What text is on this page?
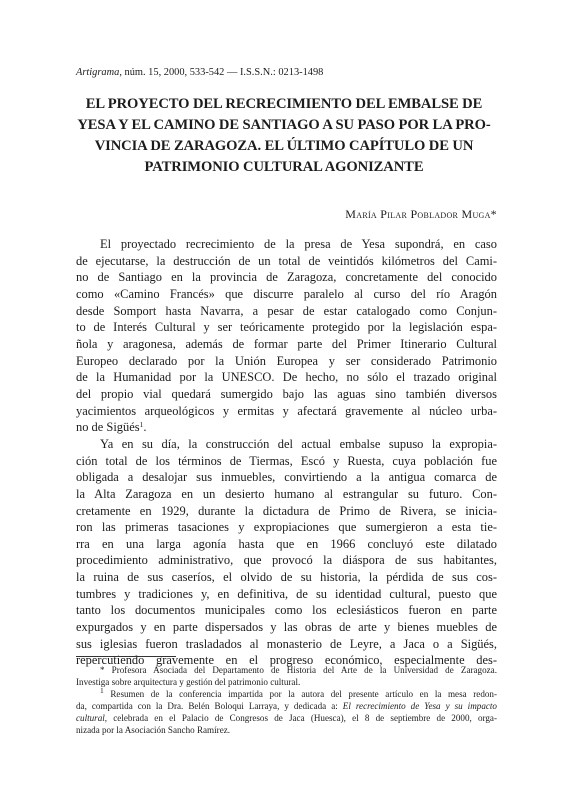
Artigrama, núm. 15, 2000, 533-542 — I.S.S.N.: 0213-1498
EL PROYECTO DEL RECRECIMIENTO DEL EMBALSE DE
YESA Y EL CAMINO DE SANTIAGO A SU PASO POR LA PRO-
VINCIA DE ZARAGOZA. EL ÚLTIMO CAPÍTULO DE UN
PATRIMONIO CULTURAL AGONIZANTE
María Pilar Poblador Muga*
El proyectado recrecimiento de la presa de Yesa supondrá, en caso
de ejecutarse, la destrucción de un total de veintidós kilómetros del Cami-
no de Santiago en la provincia de Zaragoza, concretamente del conocido
como «Camino Francés» que discurre paralelo al curso del río Aragón
desde Somport hasta Navarra, a pesar de estar catalogado como Conjun-
to de Interés Cultural y ser teóricamente protegido por la legislación espa-
ñola y aragonesa, además de formar parte del Primer Itinerario Cultural
Europeo declarado por la Unión Europea y ser considerado Patrimonio
de la Humanidad por la UNESCO. De hecho, no sólo el trazado original
del propio vial quedará sumergido bajo las aguas sino también diversos
yacimientos arqueológicos y ermitas y afectará gravemente al núcleo urba-
no de Sigüés$^1$.
Ya en su día, la construcción del actual embalse supuso la expropia-
ción total de los términos de Tiermas, Escó y Ruesta, cuya población fue
obligada a desalojar sus inmuebles, convirtiendo a la antigua comarca de
la Alta Zaragoza en un desierto humano al estrangular su futuro. Con-
cretamente en 1929, durante la dictadura de Primo de Rivera, se inicia-
ron las primeras tasaciones y expropiaciones que sumergieron a esta tie-
rra en una larga agonía hasta que en 1966 concluyó este dilatado
procedimiento administrativo, que provocó la diáspora de sus habitantes,
la ruina de sus caseríos, el olvido de su historia, la pérdida de sus cos-
tumbres y tradiciones y, en definitiva, de su identidad cultural, puesto que
tanto los documentos municipales como los eclesiásticos fueron en parte
expurgados y en parte dispersados y las obras de arte y bienes muebles de
sus iglesias fueron trasladados al monasterio de Leyre, a Jaca o a Sigüés,
repercutiendo gravemente en el progreso económico, especialmente des-
* Profesora Asociada del Departamento de Historia del Arte de la Universidad de Zaragoza.
Investiga sobre arquitectura y gestión del patrimonio cultural.
$^1$ Resumen de la conferencia impartida por la autora del presente artículo en la mesa redon-
da, compartida con la Dra. Belén Boloqui Larraya, y dedicada a: El recrecimiento de Yesa y su impacto
cultural, celebrada en el Palacio de Congresos de Jaca (Huesca), el 8 de septiembre de 2000, orga-
nizada por la Asociación Sancho Ramírez.
